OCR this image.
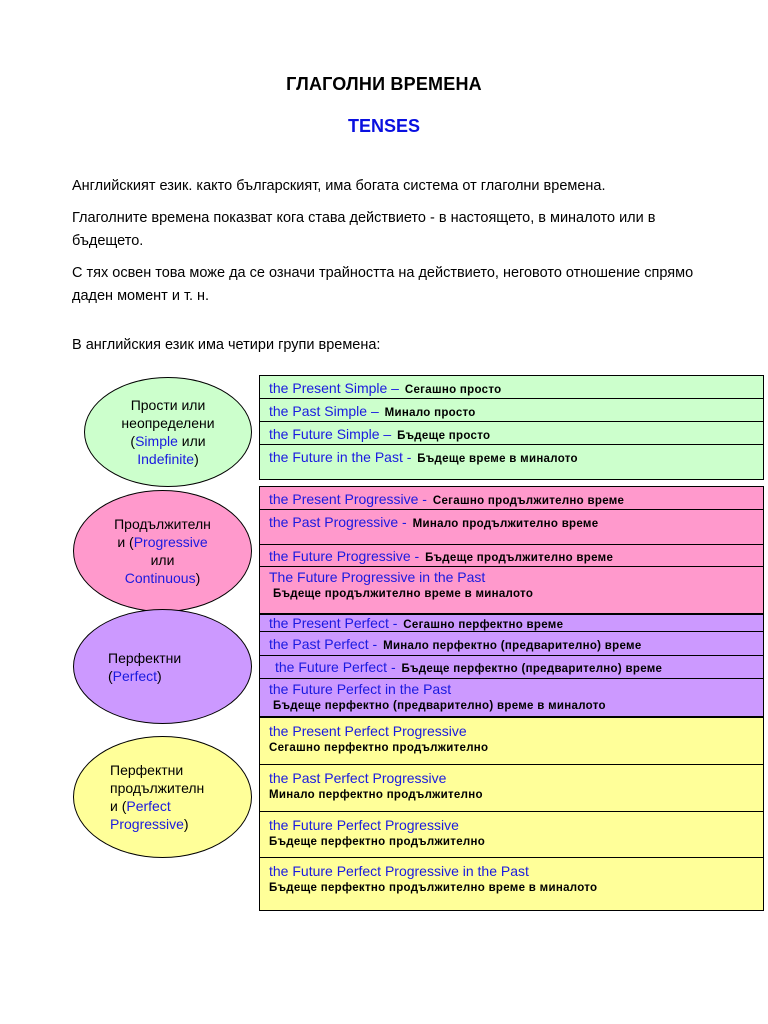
ГЛАГОЛНИ ВРЕМЕНА
TENSES
Английският език. както българският, има богата система от глаголни времена.
Глаголните времена показват кога става действието - в настоящето, в миналото или в бъдещето.
С тях освен това може да се означи трайността на действието, неговото отношение спрямо даден момент и т. н.
В английския език има четири групи времена:
Прости или
неопределени
(Simple или
Indefinite)
the Present Simple – Сегашно просто
the Past Simple – Минало просто
the Future Simple – Бъдеще просто
the Future in the Past - Бъдеще време в миналото
Продължителн
и (Progressive
или
Continuous)
the Present Progressive - Сегашно продължително време
the Past Progressive - Минало продължително време
the Future Progressive - Бъдеще продължително време
The Future Progressive in the Past
Бъдеще продължително време в миналото
Перфектни
(Perfect)
the Present Perfect - Сегашно перфектно време
the Past Perfect - Минало перфектно (предварително) време
the Future Perfect - Бъдеще перфектно (предварително) време
the Future Perfect in the Past
Бъдеще перфектно (предварително) време в миналото
Перфектни
продължителн
и (Perfect
Progressive)
the Present Perfect Progressive
Сегашно перфектно продължително
the Past Perfect Progressive
Минало перфектно продължително
the Future Perfect Progressive
Бъдеще перфектно продължително
the Future Perfect Progressive in the Past
Бъдеще перфектно продължително време в миналото
